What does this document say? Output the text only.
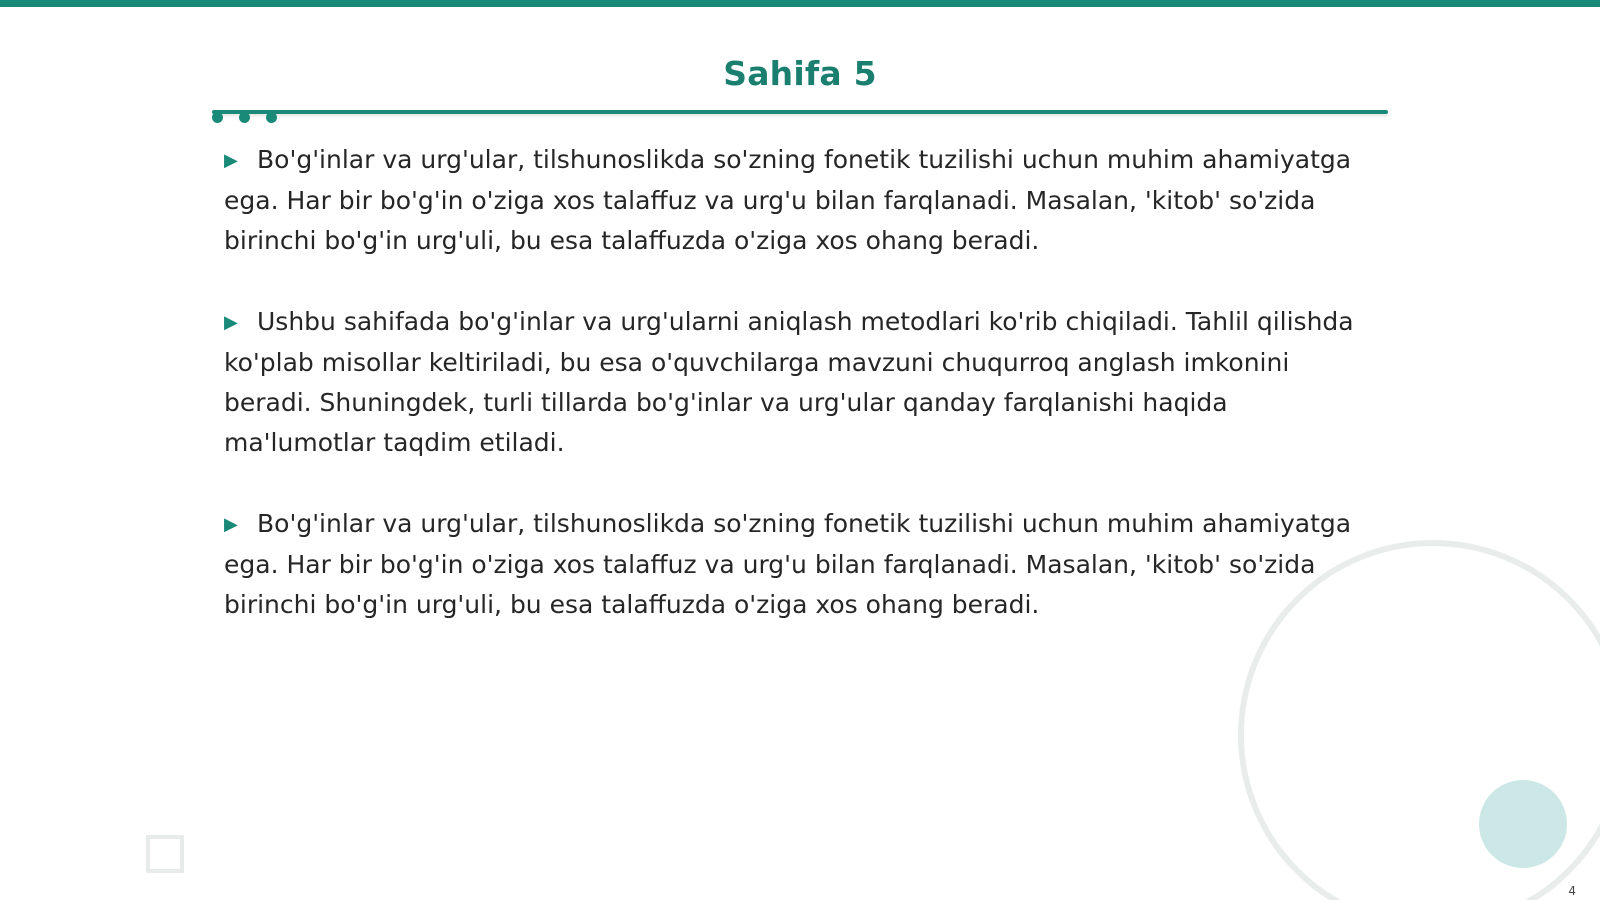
Sahifa 5

▶ Bo'g'inlar va urg'ular, tilshunoslikda so'zning fonetik tuzilishi uchun muhim ahamiyatga ega. Har bir bo'g'in o'ziga xos talaffuz va urg'u bilan farqlanadi. Masalan, 'kitob' so'zida birinchi bo'g'in urg'uli, bu esa talaffuzda o'ziga xos ohang beradi.

▶ Ushbu sahifada bo'g'inlar va urg'ularni aniqlash metodlari ko'rib chiqiladi. Tahlil qilishda ko'plab misollar keltiriladi, bu esa o'quvchilarga mavzuni chuqurroq anglash imkonini beradi. Shuningdek, turli tillarda bo'g'inlar va urg'ular qanday farqlanishi haqida ma'lumotlar taqdim etiladi.

▶ Bo'g'inlar va urg'ular, tilshunoslikda so'zning fonetik tuzilishi uchun muhim ahamiyatga ega. Har bir bo'g'in o'ziga xos talaffuz va urg'u bilan farqlanadi. Masalan, 'kitob' so'zida birinchi bo'g'in urg'uli, bu esa talaffuzda o'ziga xos ohang beradi.

4
